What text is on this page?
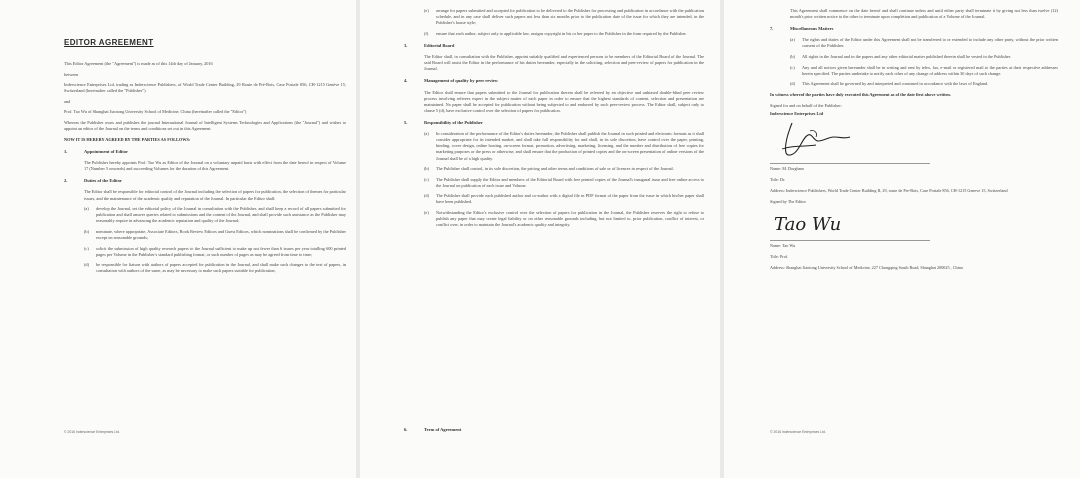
EDITOR AGREEMENT
This Editor Agreement (the "Agreement") is made as of this 14th day of January, 2016
between
Inderscience Enterprises Ltd, trading as Inderscience Publishers, of World Trade Center Building, 29 Route de Pré-Bois, Case Postale 856, CH-1215 Genève 15, Switzerland (hereinafter called the "Publisher")
and
Prof. Tao Wu of Shanghai Jiaotong University School of Medicine, China (hereinafter called the "Editor")
Whereas the Publisher owns and publishes the journal International Journal of Intelligent Systems Technologies and Applications (the "Journal") and wishes to appoint an editor of the Journal on the terms and conditions set out in this Agreement.
NOW IT IS HEREBY AGREED BY THE PARTIES AS FOLLOWS:
1.	Appointment of Editor
The Publisher hereby appoints Prof. Tao Wu as Editor of the Journal on a voluntary unpaid basis with effect from the date hereof in respect of Volume 17 (Number 5 onwards) and succeeding Volumes for the duration of this Agreement.
2.	Duties of the Editor
The Editor shall be responsible for editorial control of the Journal including the selection of papers for publication, the selection of themes for particular issues, and the maintenance of the academic quality and reputation of the Journal. In particular the Editor shall:
(a)	develop the Journal, set the editorial policy of the Journal in consultation with the Publisher, and shall keep a record of all papers submitted for publication and shall answer queries related to submissions and the content of the Journal, and shall provide such assistance as the Publisher may reasonably require in advancing the academic reputation and quality of the Journal;
(b)	nominate, where appropriate, Associate Editors, Book Review Editors and Guest Editors, which nominations shall be confirmed by the Publisher except on reasonable grounds;
(c)	solicit the submission of high quality research papers to the Journal sufficient to make up not fewer than 6 issues per year totalling 600 printed pages per Volume in the Publisher's standard publishing format, or such number of pages as may be agreed from time to time;
(d)	be responsible for liaison with authors of papers accepted for publication in the Journal, and shall make such changes to the text of papers, in consultation with authors of the same, as may be necessary to make such papers suitable for publication;
© 2016 Inderscience Enterprises Ltd.
(e)	arrange for papers submitted and accepted for publication to be delivered to the Publisher for processing and publication in accordance with the publication schedule, and in any case shall deliver such papers not less than six months prior to the publication date of the issue for which they are intended, in the Publisher's house style;
(f)	ensure that each author, subject only to applicable law, assigns copyright in his or her paper to the Publisher in the form required by the Publisher.
3.	Editorial Board
The Editor shall, in consultation with the Publisher, appoint suitably qualified and experienced persons to be members of the Editorial Board of the Journal. The said Board will assist the Editor in the performance of his duties hereunder, especially in the soliciting, selection and peer-review of papers for publication in the Journal.
4.	Management of quality by peer review
The Editor shall ensure that papers submitted to the Journal for publication therein shall be refereed by an objective and unbiased double-blind peer review process involving referees expert in the subject matter of each paper in order to ensure that the highest standards of content, selection and presentation are maintained. No paper shall be accepted for publication without being subjected to and endorsed by such peer-review process. The Editor shall, subject only to clause 5 (d), have exclusive control over the selection of papers for publication.
5.	Responsibility of the Publisher
(a)	In consideration of the performance of the Editor's duties hereunder, the Publisher shall publish the Journal in such printed and electronic formats as it shall consider appropriate for its intended market, and shall take full responsibility for and shall, in its sole discretion, have control over the paper, printing, binding, cover design, online hosting, on-screen format, promotion, advertising, marketing, licensing, and the number and distribution of free copies for marketing purposes or the press or otherwise, and shall ensure that the production of printed copies and the on-screen presentation of online versions of the Journal shall be of a high quality.
(b)	The Publisher shall control, in its sole discretion, the pricing and other terms and conditions of sale or of licences in respect of the Journal.
(c)	The Publisher shall supply the Editor and members of the Editorial Board with free printed copies of the Journal's inaugural issue and free online access to the Journal on publication of each issue and Volume.
(d)	The Publisher shall provide each published author and co-author with a digital file in PDF format of the paper from the issue in which his/her paper shall have been published.
(e)	Notwithstanding the Editor's exclusive control over the selection of papers for publication in the Journal, the Publisher reserves the right to refuse to publish any paper that may create legal liability or on other reasonable grounds including, but not limited to, prior publication, conflict of interest, or conflict over, in order to maintain the Journal's academic quality and integrity.
6.	Term of Agreement
This Agreement shall commence on the date hereof and shall continue unless and until either party shall terminate it by giving not less than twelve (12) month's prior written notice to the other to terminate upon completion and publication of a Volume of the Journal.
7.	Miscellaneous Matters
(a)	The rights and duties of the Editor under this Agreement shall not be transferred to or extended to include any other party, without the prior written consent of the Publisher.
(b)	All rights in the Journal and in the papers and any other editorial matter published therein shall be vested in the Publisher.
(c)	Any and all notices given hereunder shall be in writing and sent by telex, fax, e-mail or registered mail to the parties at their respective addresses herein specified. The parties undertake to notify each other of any change of address within 30 days of such change.
(d)	This Agreement shall be governed by and interpreted and construed in accordance with the laws of England.
In witness whereof the parties have duly executed this Agreement as of the date first above written.
Signed for and on behalf of the Publisher:
Inderscience Enterprises Ltd
Name: M. Dorgham
Title: Dr.
Address: Inderscience Publishers, World Trade Center Building II, 29, route de Pre-Bois, Case Postale 856, CH-1215 Geneve 15, Switzerland
Signed by The Editor
Tao Wu
Name: Tao Wu
Title: Prof.
Address: Shanghai Jiaotong University School of Medicine, 227 Chongqing South Road, Shanghai 200025 , China
© 2016 Inderscience Enterprises Ltd.
